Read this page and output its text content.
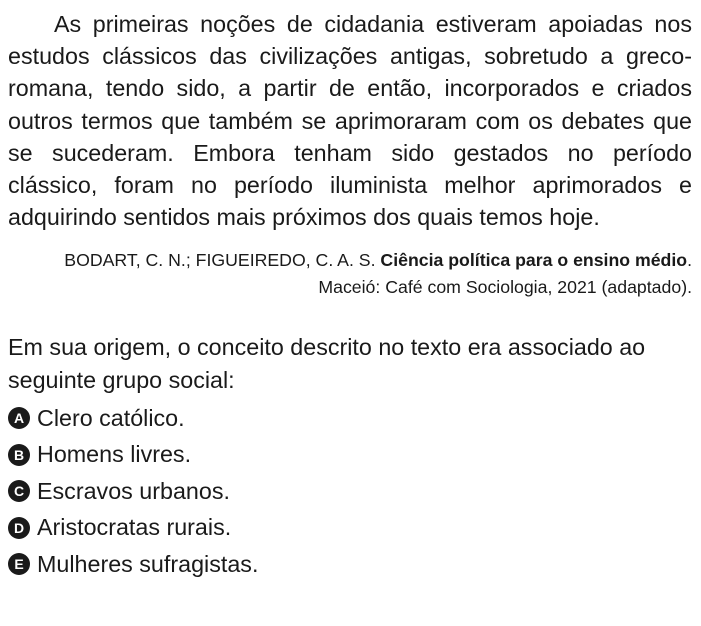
As primeiras noções de cidadania estiveram apoiadas nos estudos clássicos das civilizações antigas, sobretudo a greco-romana, tendo sido, a partir de então, incorporados e criados outros termos que também se aprimoraram com os debates que se sucederam. Embora tenham sido gestados no período clássico, foram no período iluminista melhor aprimorados e adquirindo sentidos mais próximos dos quais temos hoje.

BODART, C. N.; FIGUEIREDO, C. A. S. Ciência política para o ensino médio. Maceió: Café com Sociologia, 2021 (adaptado).

Em sua origem, o conceito descrito no texto era associado ao seguinte grupo social:

A Clero católico.
B Homens livres.
C Escravos urbanos.
D Aristocratas rurais.
E Mulheres sufragistas.
